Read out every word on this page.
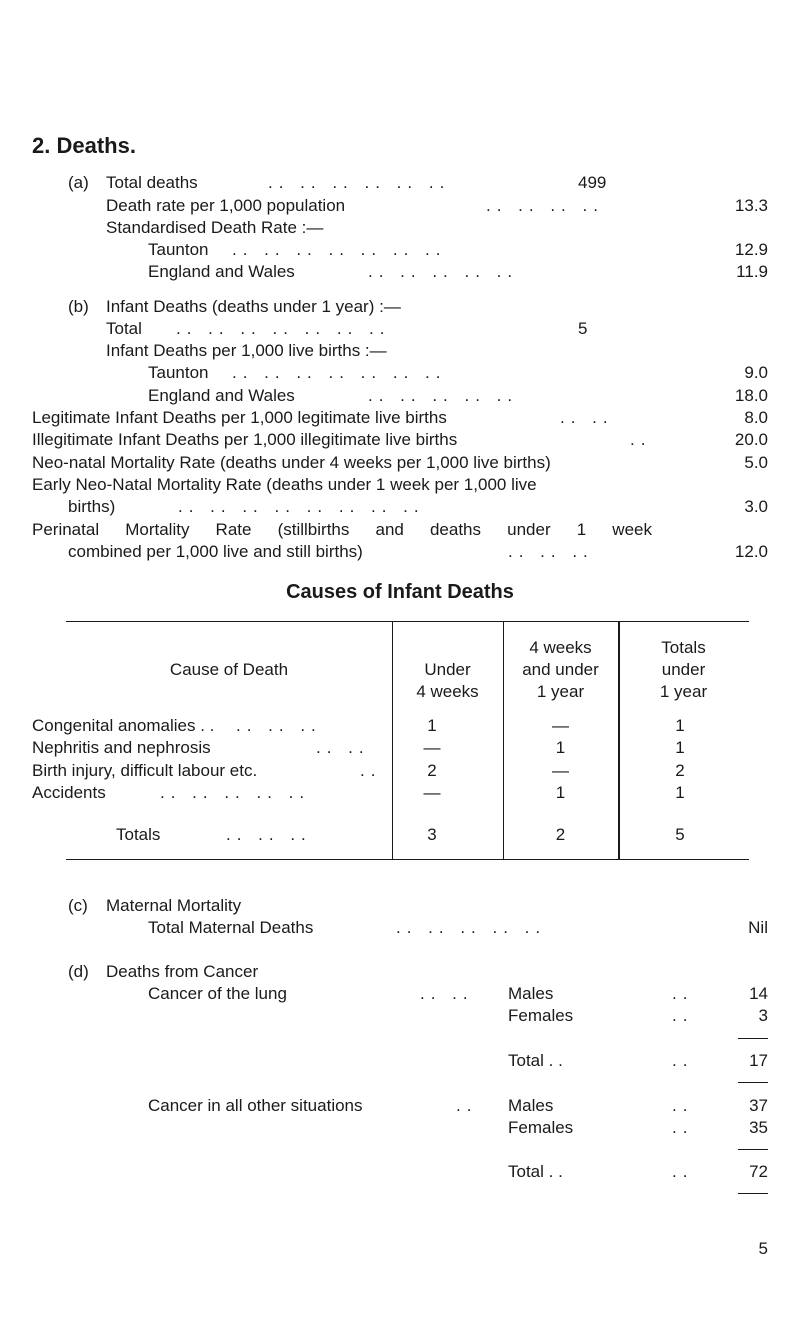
2. Deaths.
(a) Total deaths	.. .. .. .. .. ..	499
Death rate per 1,000 population	.. .. .. ..	13.3
Standardised Death Rate :—
Taunton .. .. .. .. .. .. ..	12.9
England and Wales	.. .. .. .. ..	11.9
(b) Infant Deaths (deaths under 1 year) :—
Total .. .. .. .. .. .. ..	5
Infant Deaths per 1,000 live births :—
Taunton .. .. .. .. .. .. ..	9.0
England and Wales	.. .. .. .. ..	18.0
Legitimate Infant Deaths per 1,000 legitimate live births	.. ..	8.0
Illegitimate Infant Deaths per 1,000 illegitimate live births	..	20.0
Neo-natal Mortality Rate (deaths under 4 weeks per 1,000 live births)	5.0
Early Neo-Natal Mortality Rate (deaths under 1 week per 1,000 live
births)	.. .. .. .. .. .. .. ..	3.0
Perinatal Mortality Rate (stillbirths and deaths under 1 week
combined per 1,000 live and still births)	.. .. ..	12.0
Causes of Infant Deaths
Cause of Death	Under
4 weeks
4 weeks
and under
1 year
Totals
under
1 year
Congenital anomalies . . .. .. ..	1	—	1
Nephritis and nephrosis	.. ..	—	1	1
Birth injury, difficult labour etc.	..	2	—	2
Accidents	.. .. .. .. ..	—	1	1
Totals	.. .. ..	3	2	5
(c) Maternal Mortality
Total Maternal Deaths	.. .. .. .. ..	Nil
(d) Deaths from Cancer
Cancer of the lung	.. .. Males	..	14
Females	..	3
Total . .	..	17
Cancer in all other situations	.. Males	..	37
Females	..	35
Total . .	..	72
5
